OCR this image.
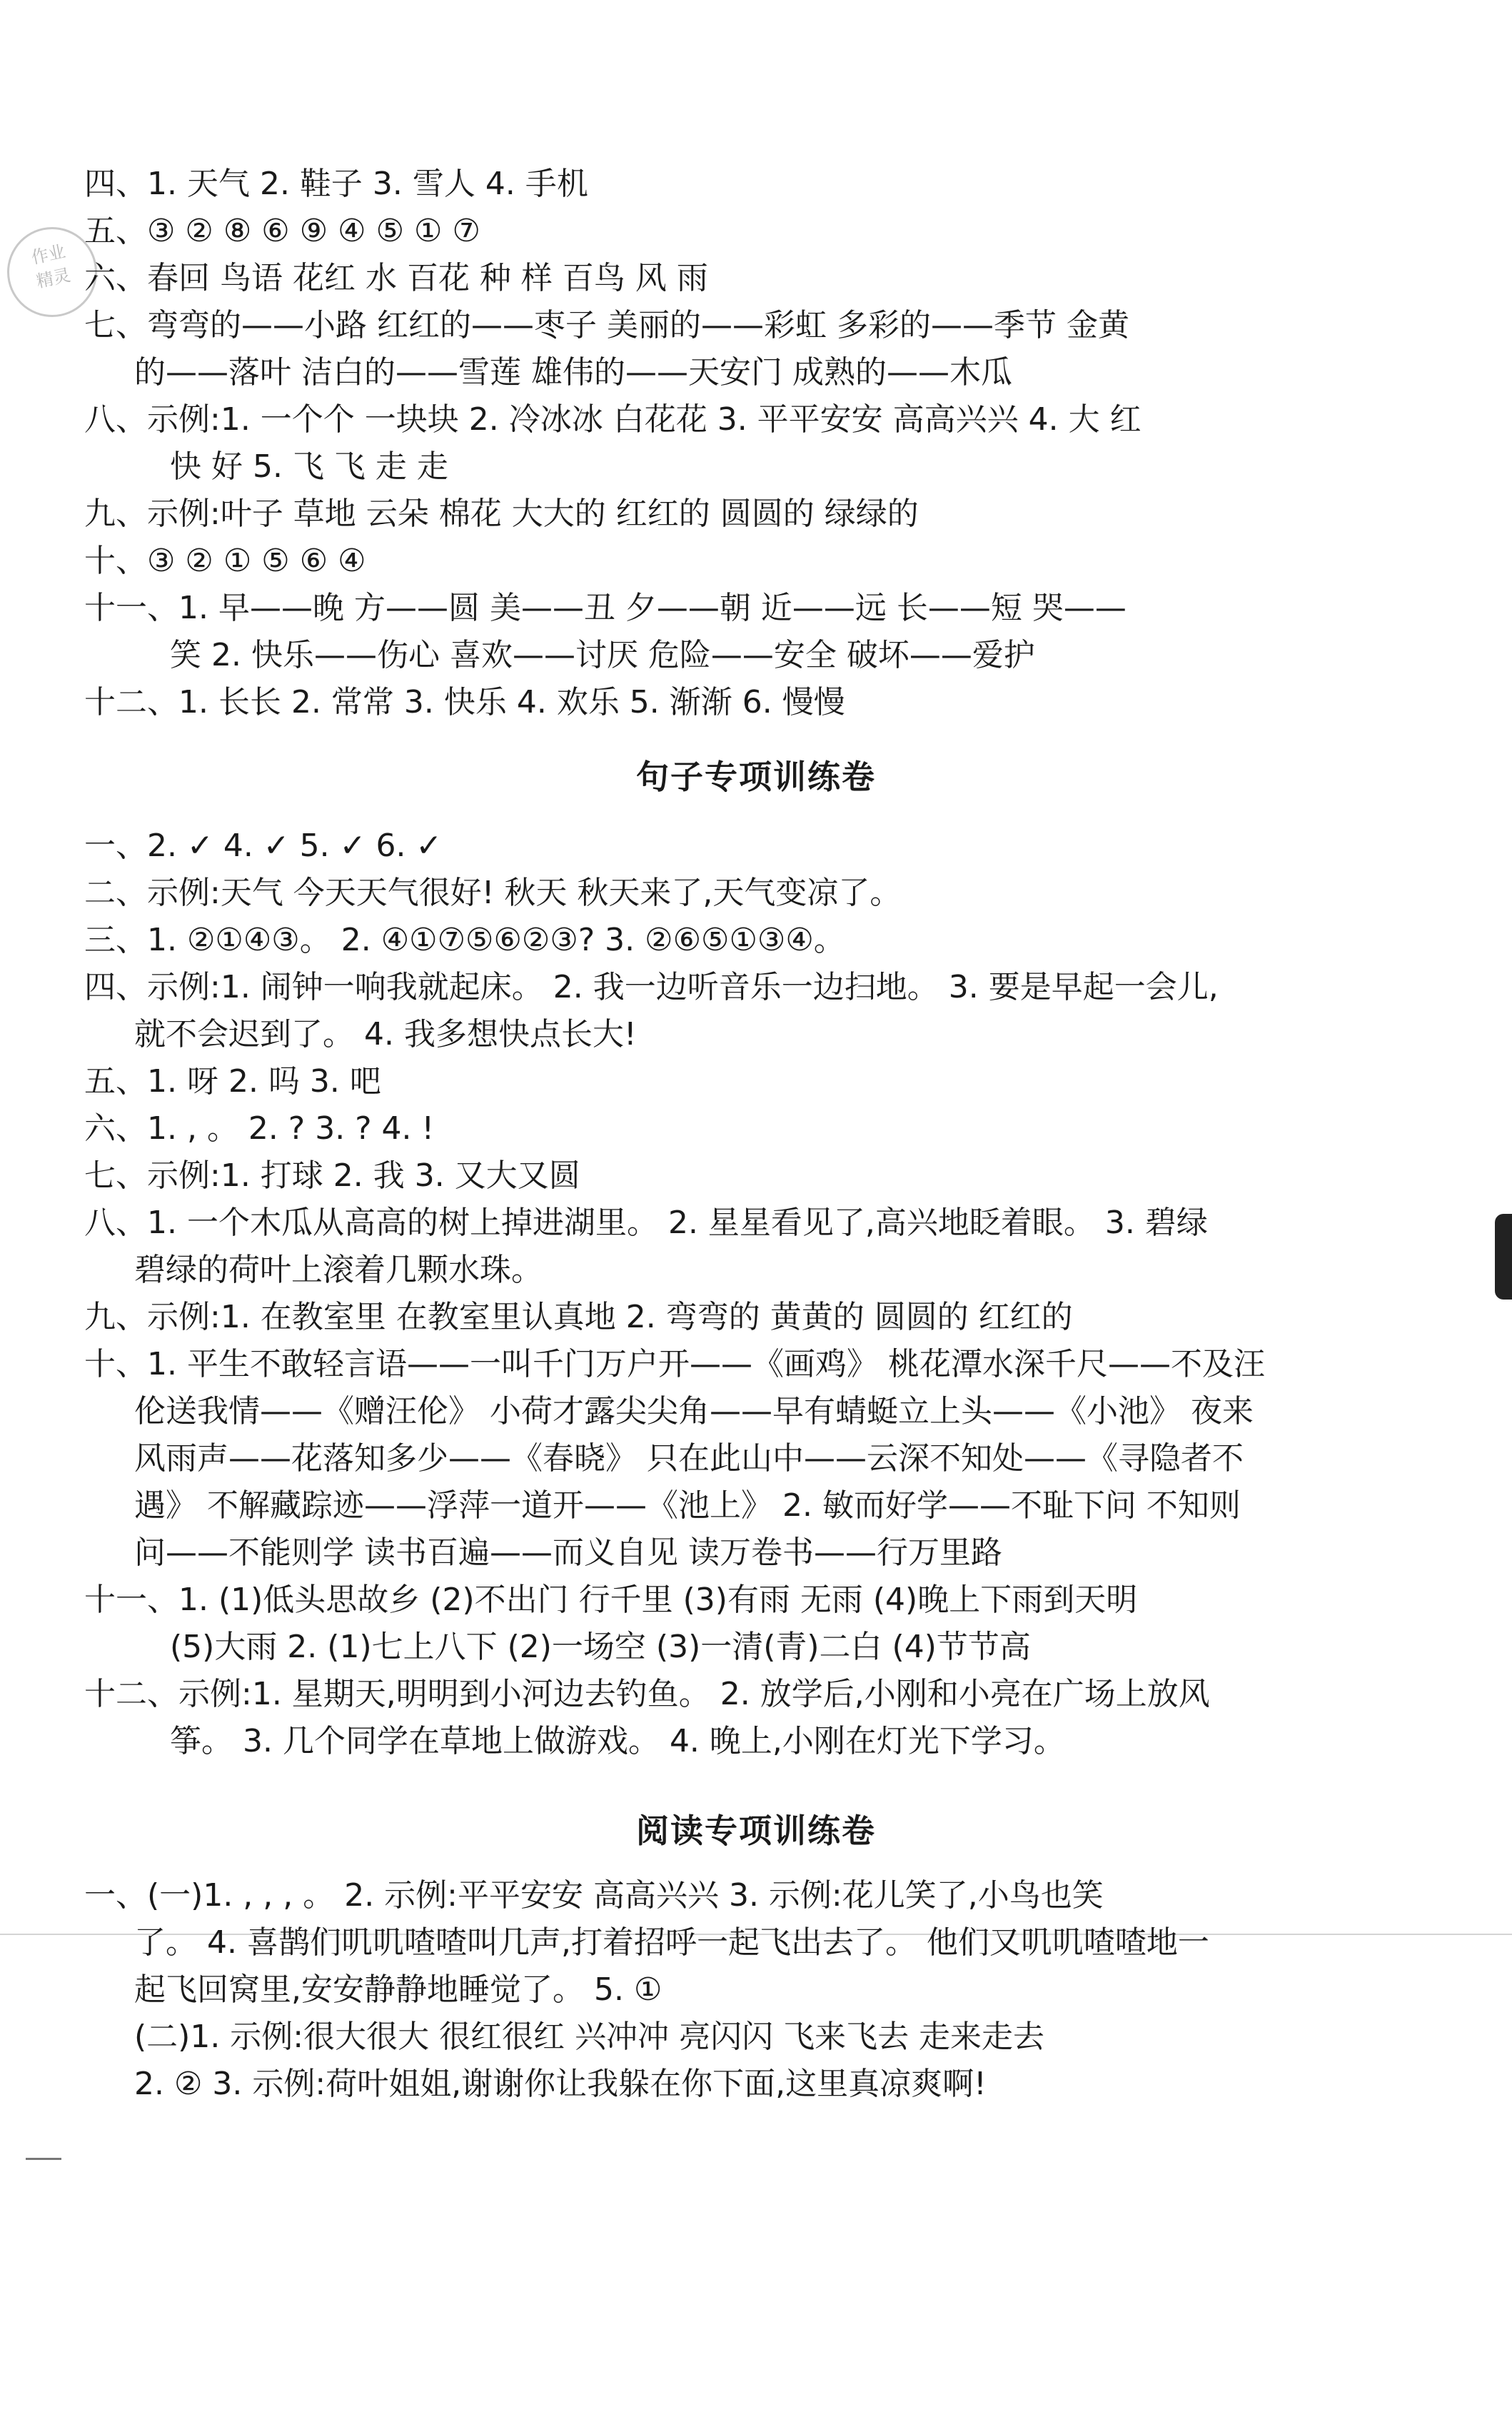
作业
精灵

四、1. 天气 2. 鞋子 3. 雪人 4. 手机

五、③ ② ⑧ ⑥ ⑨ ④ ⑤ ① ⑦

六、春回 鸟语 花红 水 百花 种 样 百鸟 风 雨

七、弯弯的——小路 红红的——枣子 美丽的——彩虹 多彩的——季节 金黄

的——落叶 洁白的——雪莲 雄伟的——天安门 成熟的——木瓜

八、示例:1. 一个个 一块块 2. 冷冰冰 白花花 3. 平平安安 高高兴兴 4. 大 红

快 好 5. 飞 飞 走 走

九、示例:叶子 草地 云朵 棉花 大大的 红红的 圆圆的 绿绿的

十、③ ② ① ⑤ ⑥ ④

十一、1. 早——晚 方——圆 美——丑 夕——朝 近——远 长——短 哭——

笑 2. 快乐——伤心 喜欢——讨厌 危险——安全 破坏——爱护

十二、1. 长长 2. 常常 3. 快乐 4. 欢乐 5. 渐渐 6. 慢慢

句子专项训练卷

一、2. ✓ 4. ✓ 5. ✓ 6. ✓

二、示例:天气 今天天气很好! 秋天 秋天来了,天气变凉了。

三、1. ②①④③。 2. ④①⑦⑤⑥②③? 3. ②⑥⑤①③④。

四、示例:1. 闹钟一响我就起床。 2. 我一边听音乐一边扫地。 3. 要是早起一会儿,

就不会迟到了。 4. 我多想快点长大!

五、1. 呀 2. 吗 3. 吧

六、1. , 。 2. ? 3. ? 4. !

七、示例:1. 打球 2. 我 3. 又大又圆

八、1. 一个木瓜从高高的树上掉进湖里。 2. 星星看见了,高兴地眨着眼。 3. 碧绿

碧绿的荷叶上滚着几颗水珠。

九、示例:1. 在教室里 在教室里认真地 2. 弯弯的 黄黄的 圆圆的 红红的

十、1. 平生不敢轻言语——一叫千门万户开——《画鸡》 桃花潭水深千尺——不及汪

伦送我情——《赠汪伦》 小荷才露尖尖角——早有蜻蜓立上头——《小池》 夜来

风雨声——花落知多少——《春晓》 只在此山中——云深不知处——《寻隐者不

遇》 不解藏踪迹——浮萍一道开——《池上》 2. 敏而好学——不耻下问 不知则

问——不能则学 读书百遍——而义自见 读万卷书——行万里路

十一、1. (1)低头思故乡 (2)不出门 行千里 (3)有雨 无雨 (4)晚上下雨到天明

(5)大雨 2. (1)七上八下 (2)一场空 (3)一清(青)二白 (4)节节高

十二、示例:1. 星期天,明明到小河边去钓鱼。 2. 放学后,小刚和小亮在广场上放风

筝。 3. 几个同学在草地上做游戏。 4. 晚上,小刚在灯光下学习。

阅读专项训练卷

一、(一)1. , , , 。 2. 示例:平平安安 高高兴兴 3. 示例:花儿笑了,小鸟也笑

了。 4. 喜鹊们叽叽喳喳叫几声,打着招呼一起飞出去了。 他们又叽叽喳喳地一

起飞回窝里,安安静静地睡觉了。 5. ①

(二)1. 示例:很大很大 很红很红 兴冲冲 亮闪闪 飞来飞去 走来走去

2. ② 3. 示例:荷叶姐姐,谢谢你让我躲在你下面,这里真凉爽啊!
